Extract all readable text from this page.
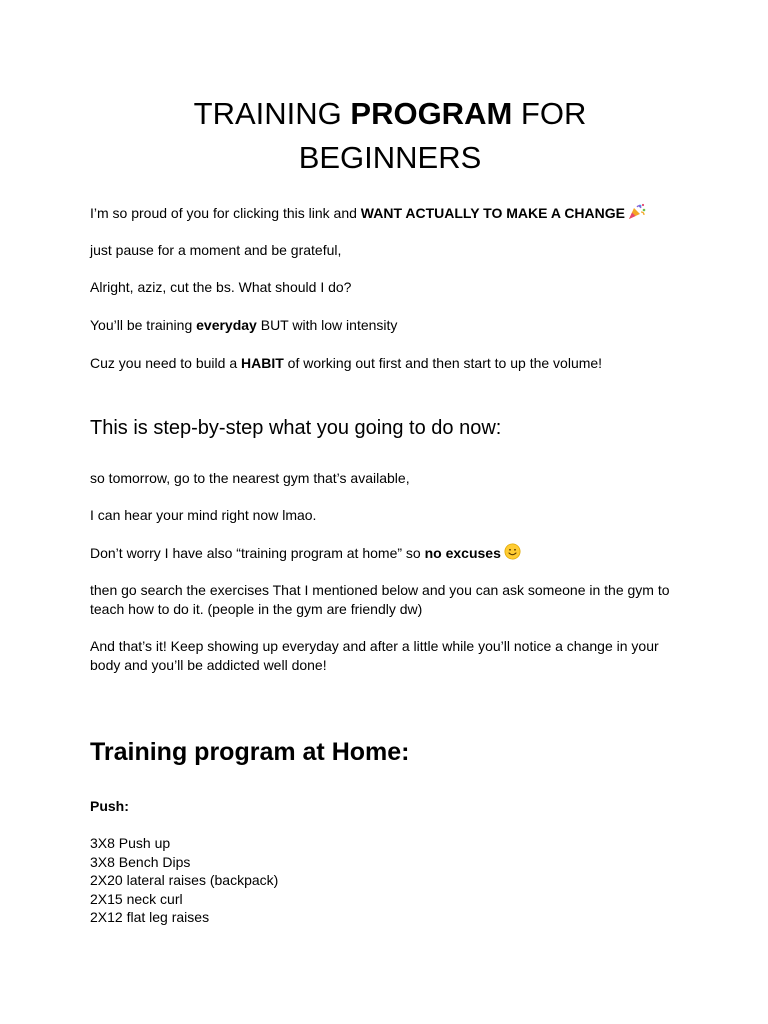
TRAINING PROGRAM FOR
BEGINNERS
I’m so proud of you for clicking this link and WANT ACTUALLY TO MAKE A CHANGE
just pause for a moment and be grateful,
Alright, aziz, cut the bs. What should I do?
You’ll be training everyday BUT with low intensity
Cuz you need to build a HABIT of working out first and then start to up the volume!
This is step-by-step what you going to do now:
so tomorrow, go to the nearest gym that’s available,
I can hear your mind right now lmao.
Don’t worry I have also “training program at home” so no excuses
then go search the exercises That I mentioned below and you can ask someone in the gym to
teach how to do it. (people in the gym are friendly dw)
And that’s it! Keep showing up everyday and after a little while you’ll notice a change in your
body and you’ll be addicted well done!
Training program at Home:
Push:
3X8 Push up
3X8 Bench Dips
2X20 lateral raises (backpack)
2X15 neck curl
2X12 flat leg raises
